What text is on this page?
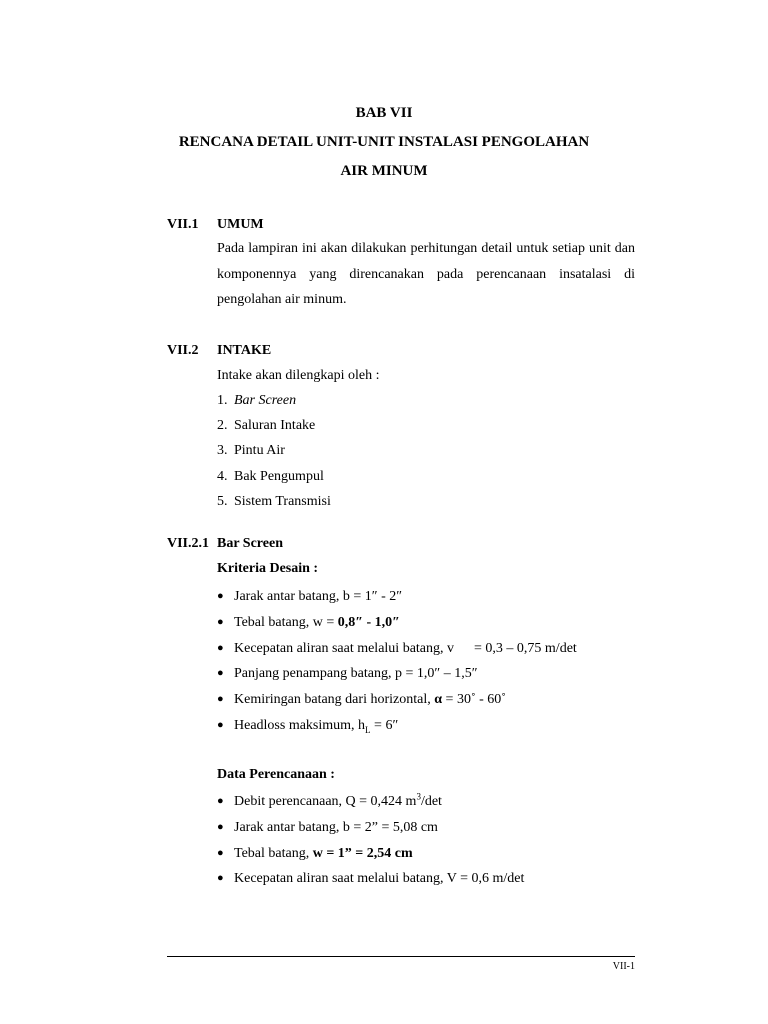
BAB VII
RENCANA DETAIL UNIT-UNIT INSTALASI PENGOLAHAN
AIR MINUM
VII.1 UMUM
Pada lampiran ini akan dilakukan perhitungan detail untuk setiap unit dan
komponennya yang direncanakan pada perencanaan insatalasi di
pengolahan air minum.
VII.2 INTAKE
Intake akan dilengkapi oleh :
1. Bar Screen
2. Saluran Intake
3. Pintu Air
4. Bak Pengumpul
5. Sistem Transmisi
VII.2.1 Bar Screen
Kriteria Desain :
● Jarak antar batang, b = 1″ - 2″
● Tebal batang, w = 0,8″ - 1,0″
● Kecepatan aliran saat melalui batang, v = 0,3 – 0,75 m/det
● Panjang penampang batang, p = 1,0″ – 1,5″
● Kemiringan batang dari horizontal, α = 30˚ - 60˚
● Headloss maksimum, $h_L = 6''$
Data Perencanaan :
● Debit perencanaan, Q = 0,424 $m^3/\det$
● Jarak antar batang, b = 2” = 5,08 cm
● Tebal batang, w = 1” = 2,54 cm
● Kecepatan aliran saat melalui batang, V = 0,6 m/det
VII-1
